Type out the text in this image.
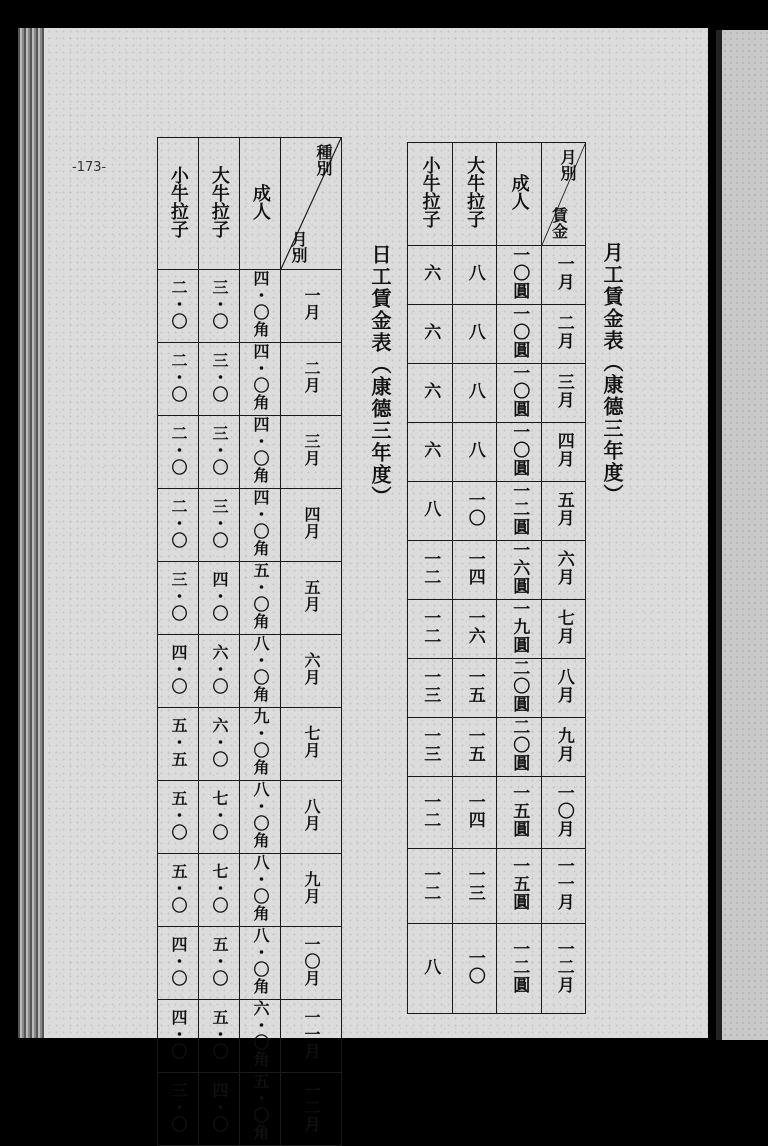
-173-
月工賃金表（康德三年度）
日工賃金表（康德三年度）
月別
賃金	成人	大牛拉子	小牛拉子
一月	一〇圓	八	六
二月	一〇圓	八	六
三月	一〇圓	八	六
四月	一〇圓	八	六
五月	一二圓	一〇	八
六月	一六圓	一四	一二
七月	一九圓	一六	一二
八月	二〇圓	一五	一三
九月	二〇圓	一五	一三
一〇月	一五圓	一四	一二
一一月	一五圓	一三	一二
一二月	一二圓	一〇	八
種別
月別	成人	大牛拉子	小牛拉子
一月	四・〇角	三・〇	二・〇
二月	四・〇角	三・〇	二・〇
三月	四・〇角	三・〇	二・〇
四月	四・〇角	三・〇	二・〇
五月	五・〇角	四・〇	三・〇
六月	八・〇角	六・〇	四・〇
七月	九・〇角	六・〇	五・五
八月	八・〇角	七・〇	五・〇
九月	八・〇角	七・〇	五・〇
一〇月	八・〇角	五・〇	四・〇
一一月	六・〇角	五・〇	四・〇
一二月	五・〇角	四・〇	三・〇
